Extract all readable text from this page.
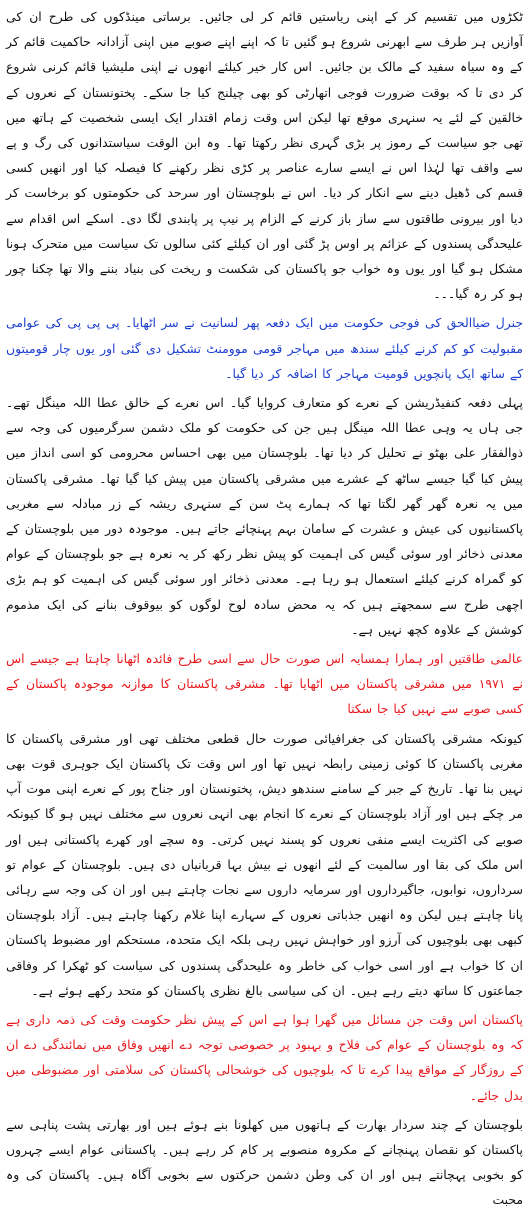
ٹکڑوں میں تقسیم کر کے اپنی ریاستیں قائم کر لی جائیں۔ برساتی مینڈکوں کی طرح ان کی آوازیں ہر طرف سے ابھرنی شروع ہو گئیں تا کہ اپنے اپنے صوبے میں اپنی آزادانہ حاکمیت قائم کر کے وہ سیاہ سفید کے مالک بن جائیں۔ اس کار خیر کیلئے انھوں نے اپنی ملیشیا قائم کرنی شروع کر دی تا کہ بوقت ضرورت فوجی اتھارٹی کو بھی چیلنج کیا جا سکے۔ پختونستان کے نعروں کے خالقین کے لئے یہ سنہری موقع تھا لیکن اس وقت زمام اقتدار ایک ایسی شخصیت کے ہاتھ میں تھی جو سیاست کے رموز پر بڑی گہری نظر رکھتا تھا۔ وہ ابن الوقت سیاستدانوں کی رگ و پے سے واقف تھا لہٰذا اس نے ایسے سارے عناصر پر کڑی نظر رکھنے کا فیصلہ کیا اور انھیں کسی قسم کی ڈھیل دینے سے انکار کر دیا۔ اس نے بلوچستان اور سرحد کی حکومتوں کو برخاست کر دیا اور بیرونی طاقتوں سے ساز باز کرنے کے الزام پر نیپ پر پابندی لگا دی۔ اسکے اس اقدام سے علیحدگی پسندوں کے عزائم پر اوس پڑ گئی اور ان کیلئے کئی سالوں تک سیاست میں متحرک ہونا مشکل ہو گیا اور یوں وہ خواب جو پاکستان کی شکست و ریخت کی بنیاد بننے والا تھا چکنا چور ہو کر رہ گیا۔۔۔

جنرل ضیاالحق کی فوجی حکومت میں ایک دفعہ پھر لسانیت نے سر اٹھایا۔ پی پی پی کی عوامی مقبولیت کو کم کرنے کیلئے سندھ میں مہاجر قومی موومنٹ تشکیل دی گئی اور یوں چار قومیتوں کے ساتھ ایک پانچویں قومیت مہاجر کا اضافہ کر دیا گیا۔

پہلی دفعہ کنفیڈریشن کے نعرے کو متعارف کروایا گیا۔ اس نعرے کے خالق عطا اللہ مینگل تھے۔ جی ہاں یہ وہی عطا اللہ مینگل ہیں جن کی حکومت کو ملک دشمن سرگرمیوں کی وجہ سے ذوالفقار علی بھٹو نے تحلیل کر دیا تھا۔ بلوچستان میں بھی احساس محرومی کو اسی انداز میں پیش کیا گیا جیسے ساٹھ کے عشرے میں مشرقی پاکستان میں پیش کیا گیا تھا۔ مشرقی پاکستان میں یہ نعرہ گھر گھر لگتا تھا کہ ہمارے پٹ سن کے سنہری ریشہ کے زر مبادلہ سے مغربی پاکستانیوں کی عیش و عشرت کے سامان بہم پہنچائے جاتے ہیں۔ موجودہ دور میں بلوچستان کے معدنی ذخائر اور سوئی گیس کی اہمیت کو پیش نظر رکھ کر یہ نعرہ ہے جو بلوچستان کے عوام کو گمراہ کرنے کیلئے استعمال ہو رہا ہے۔ معدنی ذخائر اور سوئی گیس کی اہمیت کو ہم بڑی اچھی طرح سے سمجھتے ہیں کہ یہ محض سادہ لوح لوگوں کو بیوقوف بنانے کی ایک مذموم کوشش کے علاوہ کچھ نہیں ہے۔

عالمی طاقتیں اور ہمارا ہمسایہ اس صورت حال سے اسی طرح فائدہ اٹھانا چاہتا ہے جیسے اس نے ۱۹۷۱ میں مشرقی پاکستان میں اٹھایا تھا۔ مشرقی پاکستان کا موازنہ موجودہ پاکستان کے کسی صوبے سے نہیں کیا جا سکتا

کیونکہ مشرقی پاکستان کی جغرافیائی صورت حال قطعی مختلف تھی اور مشرقی پاکستان کا مغربی پاکستان کا کوئی زمینی رابطہ نہیں تھا اور اس وقت تک پاکستان ایک جوہری قوت بھی نہیں بنا تھا۔ تاریخ کے جبر کے سامنے سندھو دیش، پختونستان اور جناح پور کے نعرے اپنی موت آپ مر چکے ہیں اور آزاد بلوچستان کے نعرے کا انجام بھی انہی نعروں سے مختلف نہیں ہو گا کیونکہ صوبے کی اکثریت ایسے منفی نعروں کو پسند نہیں کرتی۔ وہ سچے اور کھرے پاکستانی ہیں اور اس ملک کی بقا اور سالمیت کے لئے انھوں نے بیش بہا قربانیاں دی ہیں۔ بلوچستان کے عوام تو سرداروں، نوابوں، جاگیرداروں اور سرمایہ داروں سے نجات چاہتے ہیں اور ان کی وجہ سے رہائی پانا چاہتے ہیں لیکن وہ انھیں جذباتی نعروں کے سہارے اپنا غلام رکھنا چاہتے ہیں۔ آزاد بلوچستان کبھی بھی بلوچیوں کی آرزو اور خواہش نہیں رہی بلکہ ایک متحدہ، مستحکم اور مضبوط پاکستان ان کا خواب ہے اور اسی خواب کی خاطر وہ علیحدگی پسندوں کی سیاست کو ٹھکرا کر وفاقی جماعتوں کا ساتھ دیتے رہے ہیں۔ ان کی سیاسی بالغ نظری پاکستان کو متحد رکھے ہوئے ہے۔

پاکستان اس وقت جن مسائل میں گھرا ہوا ہے اس کے پیش نظر حکومت وقت کی ذمہ داری ہے کہ وہ بلوچستان کے عوام کی فلاح و بہبود پر خصوصی توجہ دے انھیں وفاق میں نمائندگی دے ان کے روزگار کے مواقع پیدا کرے تا کہ بلوچیوں کی خوشحالی پاکستان کی سلامتی اور مضبوطی میں بدل جائے۔

بلوچستان کے چند سردار بھارت کے ہاتھوں میں کھلونا بنے ہوئے ہیں اور بھارتی پشت پناہی سے پاکستان کو نقصان پہنچانے کے مکروہ منصوبے پر کام کر رہے ہیں۔ پاکستانی عوام ایسے چہروں کو بخوبی پہچانتے ہیں اور ان کی وطن دشمن حرکتوں سے بخوبی آگاہ ہیں۔ پاکستان کی وہ محبت
